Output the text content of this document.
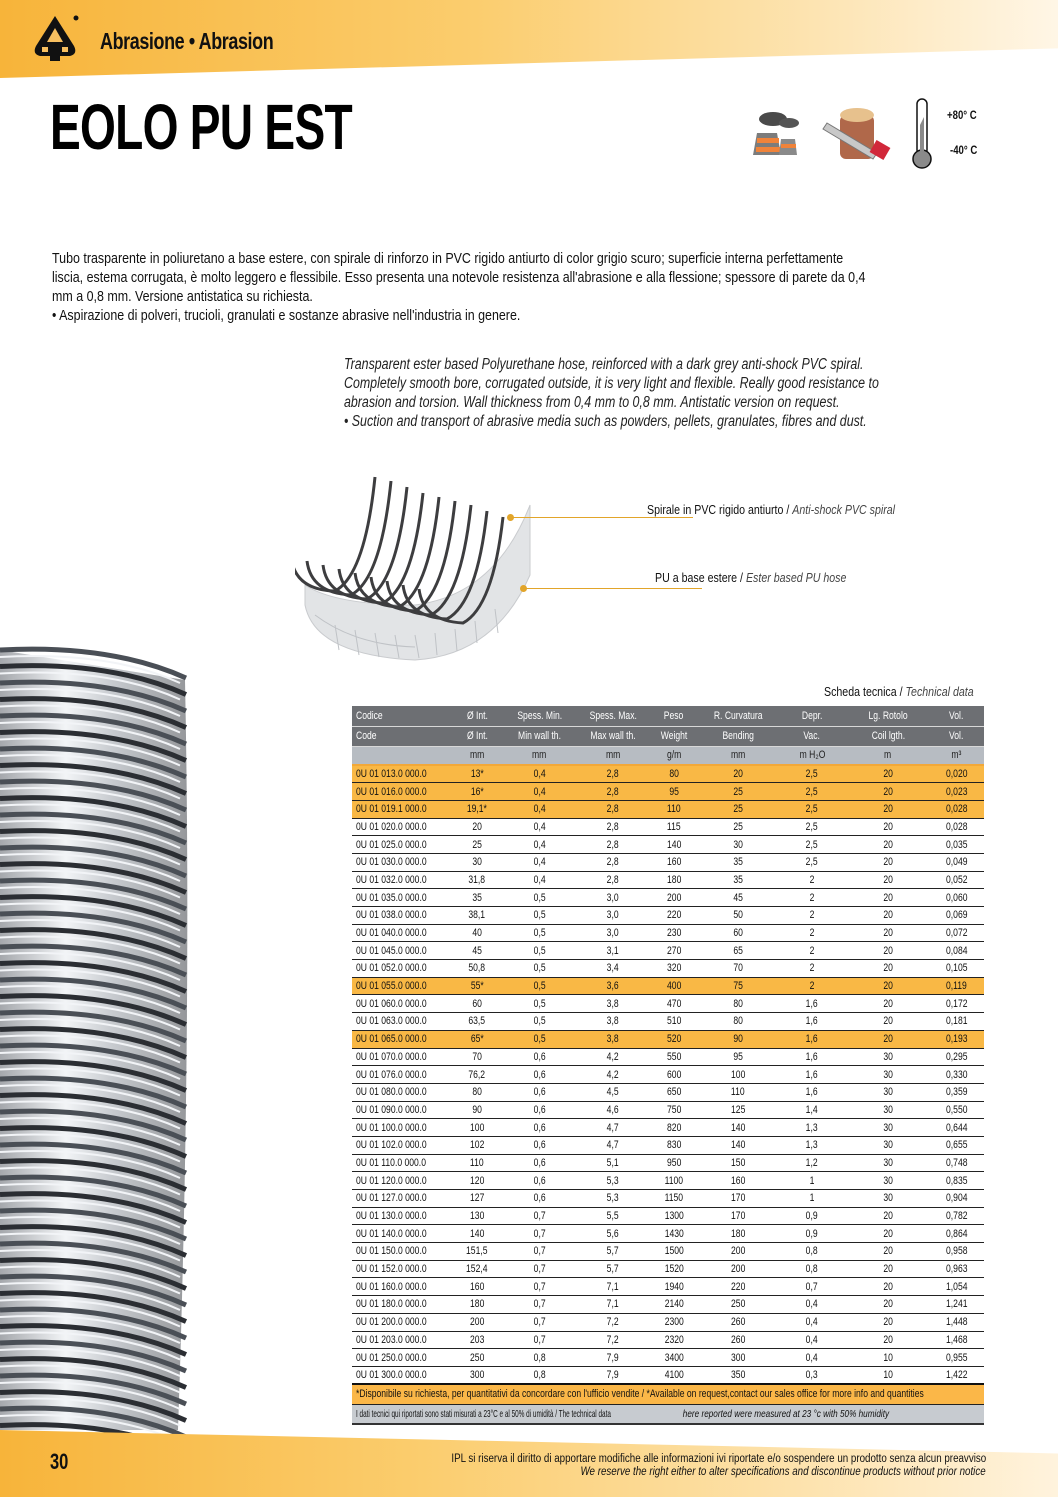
Abrasione • Abrasion
EOLO PU EST	+80° C
-40° C
Tubo trasparente in poliuretano a base estere, con spirale di rinforzo in PVC rigido antiurto di color grigio scuro; superficie interna perfettamente
liscia, estema corrugata, è molto leggero e flessibile. Esso presenta una notevole resistenza all'abrasione e alla flessione; spessore di parete da 0,4
mm a 0,8 mm. Versione antistatica su richiesta.
• Aspirazione di polveri, trucioli, granulati e sostanze abrasive nell'industria in genere.
Transparent ester based Polyurethane hose, reinforced with a dark grey anti-shock PVC spiral.
Completely smooth bore, corrugated outside, it is very light and flexible. Really good resistance to
abrasion and torsion. Wall thickness from 0,4 mm to 0,8 mm. Antistatic version on request.
• Suction and transport of abrasive media such as powders, pellets, granulates, fibres and dust.
Spirale in PVC rigido antiurto / Anti-shock PVC spiral
PU a base estere / Ester based PU hose
Scheda tecnica / Technical data
Codice	Ø Int.	Spess. Min.	Spess. Max.	Peso	R. Curvatura	Depr.	Lg. Rotolo	Vol.
Code	Ø Int.	Min wall th.	Max wall th.	Weight	Bending	Vac.	Coil lgth.	Vol.
	mm	mm	mm	g/m	mm	m H₂O	m	m³
0U 01 013.0 000.0	13*	0,4	2,8	80	20	2,5	20	0,020
0U 01 016.0 000.0	16*	0,4	2,8	95	25	2,5	20	0,023
0U 01 019.1 000.0	19,1*	0,4	2,8	110	25	2,5	20	0,028
0U 01 020.0 000.0	20	0,4	2,8	115	25	2,5	20	0,028
0U 01 025.0 000.0	25	0,4	2,8	140	30	2,5	20	0,035
0U 01 030.0 000.0	30	0,4	2,8	160	35	2,5	20	0,049
0U 01 032.0 000.0	31,8	0,4	2,8	180	35	2	20	0,052
0U 01 035.0 000.0	35	0,5	3,0	200	45	2	20	0,060
0U 01 038.0 000.0	38,1	0,5	3,0	220	50	2	20	0,069
0U 01 040.0 000.0	40	0,5	3,0	230	60	2	20	0,072
0U 01 045.0 000.0	45	0,5	3,1	270	65	2	20	0,084
0U 01 052.0 000.0	50,8	0,5	3,4	320	70	2	20	0,105
0U 01 055.0 000.0	55*	0,5	3,6	400	75	2	20	0,119
0U 01 060.0 000.0	60	0,5	3,8	470	80	1,6	20	0,172
0U 01 063.0 000.0	63,5	0,5	3,8	510	80	1,6	20	0,181
0U 01 065.0 000.0	65*	0,5	3,8	520	90	1,6	20	0,193
0U 01 070.0 000.0	70	0,6	4,2	550	95	1,6	30	0,295
0U 01 076.0 000.0	76,2	0,6	4,2	600	100	1,6	30	0,330
0U 01 080.0 000.0	80	0,6	4,5	650	110	1,6	30	0,359
0U 01 090.0 000.0	90	0,6	4,6	750	125	1,4	30	0,550
0U 01 100.0 000.0	100	0,6	4,7	820	140	1,3	30	0,644
0U 01 102.0 000.0	102	0,6	4,7	830	140	1,3	30	0,655
0U 01 110.0 000.0	110	0,6	5,1	950	150	1,2	30	0,748
0U 01 120.0 000.0	120	0,6	5,3	1100	160	1	30	0,835
0U 01 127.0 000.0	127	0,6	5,3	1150	170	1	30	0,904
0U 01 130.0 000.0	130	0,7	5,5	1300	170	0,9	20	0,782
0U 01 140.0 000.0	140	0,7	5,6	1430	180	0,9	20	0,864
0U 01 150.0 000.0	151,5	0,7	5,7	1500	200	0,8	20	0,958
0U 01 152.0 000.0	152,4	0,7	5,7	1520	200	0,8	20	0,963
0U 01 160.0 000.0	160	0,7	7,1	1940	220	0,7	20	1,054
0U 01 180.0 000.0	180	0,7	7,1	2140	250	0,4	20	1,241
0U 01 200.0 000.0	200	0,7	7,2	2300	260	0,4	20	1,448
0U 01 203.0 000.0	203	0,7	7,2	2320	260	0,4	20	1,468
0U 01 250.0 000.0	250	0,8	7,9	3400	300	0,4	10	0,955
0U 01 300.0 000.0	300	0,8	7,9	4100	350	0,3	10	1,422
*Disponibile su richiesta, per quantitativi da concordare con l'ufficio vendite / *Available on request,contact our sales office for more info and quantities								
I dati tecnici qui riportati sono stati misurati a 23°C e al 50% di umidità / The technical data here reported were measured at 23 °c with 50% humidity								
30	IPL si riserva il diritto di apportare modifiche alle informazioni ivi riportate e/o sospendere un prodotto senza alcun preavviso
We reserve the right either to alter specifications and discontinue products without prior notice
